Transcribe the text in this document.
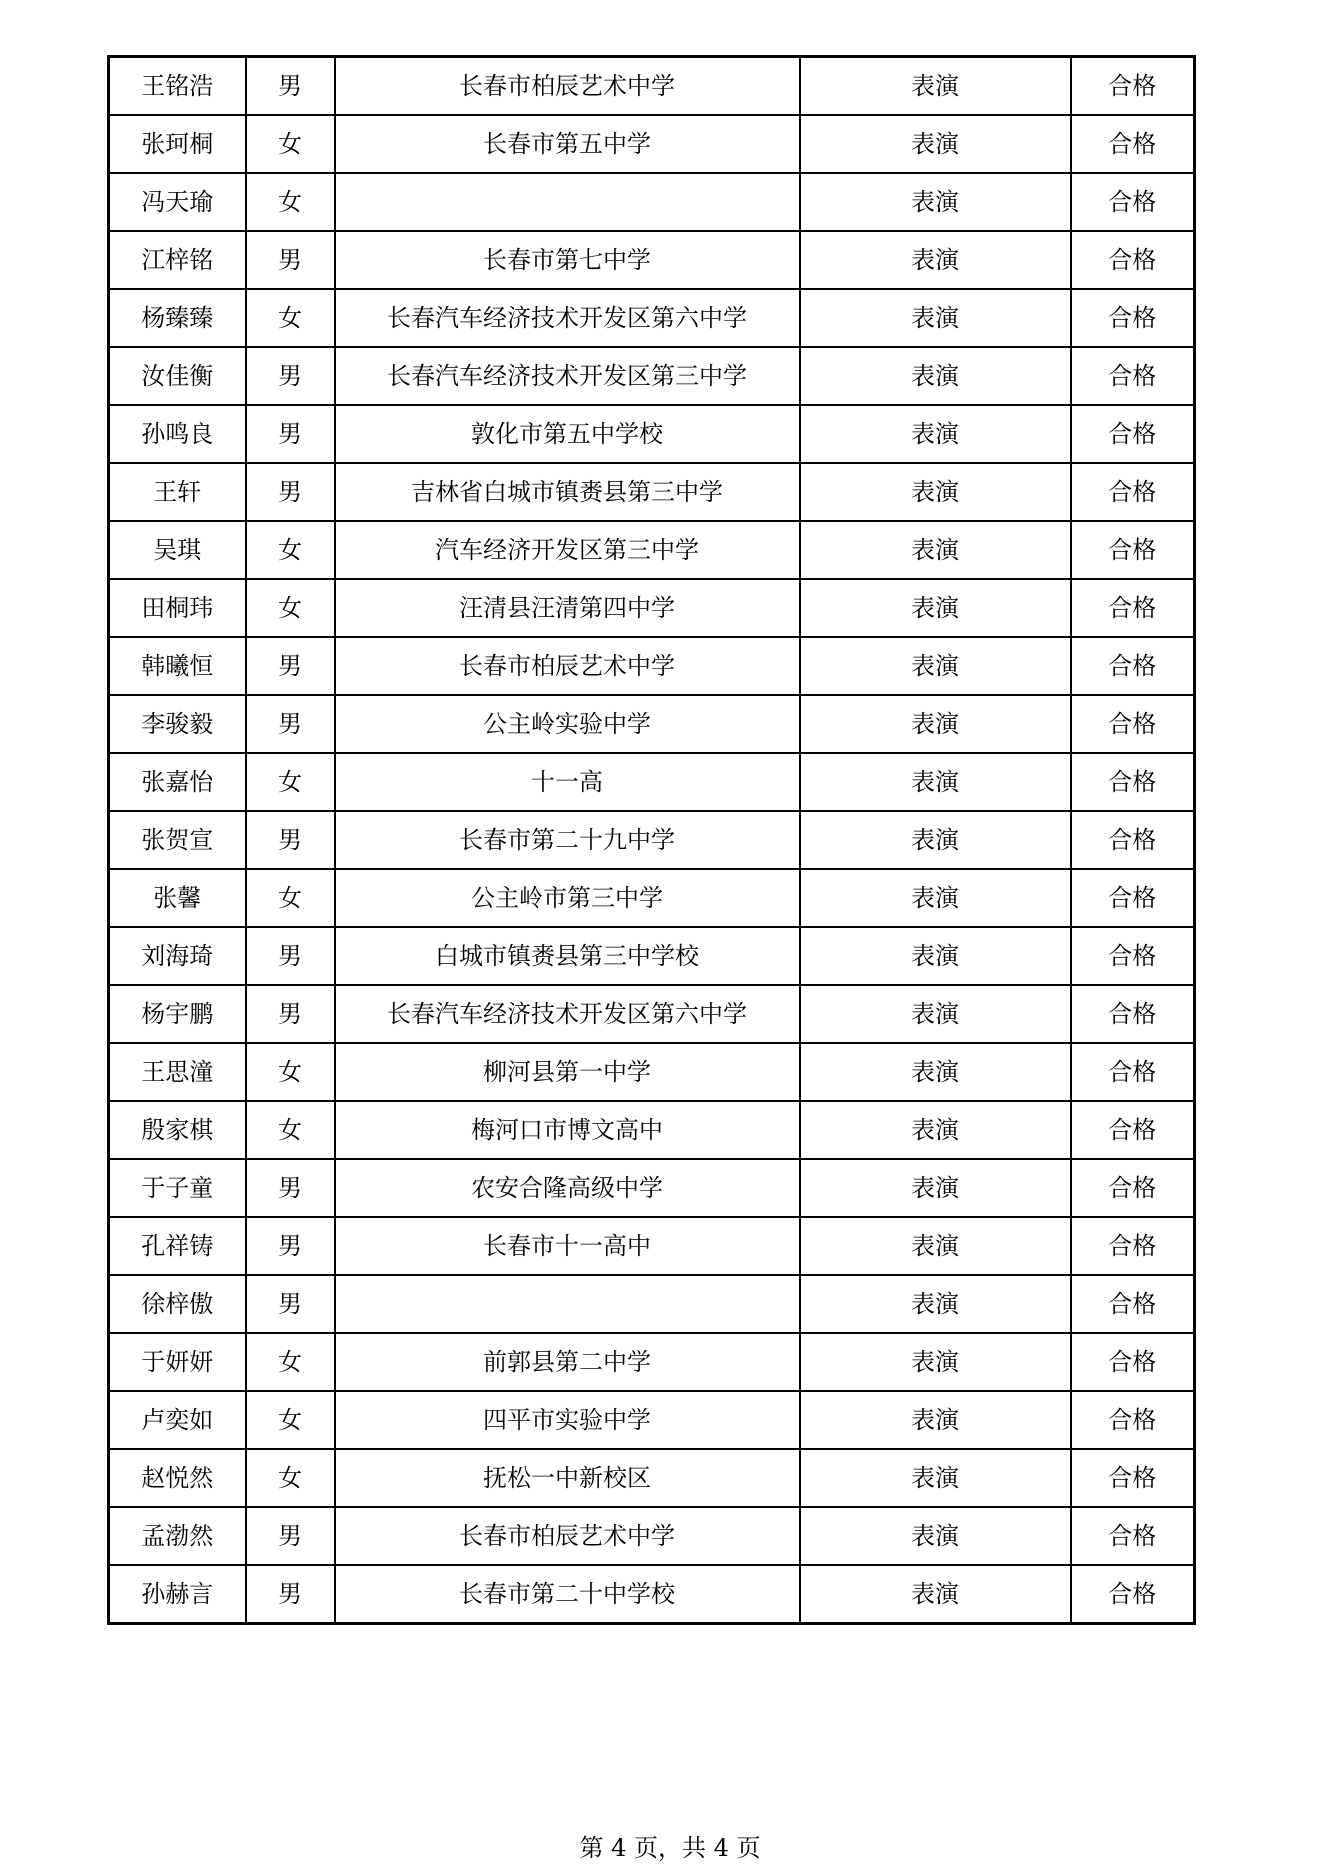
王铭浩	男	长春市柏辰艺术中学	表演	合格
张珂桐	女	长春市第五中学	表演	合格
冯天瑜	女		表演	合格
江梓铭	男	长春市第七中学	表演	合格
杨臻臻	女	长春汽车经济技术开发区第六中学	表演	合格
汝佳衡	男	长春汽车经济技术开发区第三中学	表演	合格
孙鸣良	男	敦化市第五中学校	表演	合格
王轩	男	吉林省白城市镇赉县第三中学	表演	合格
吴琪	女	汽车经济开发区第三中学	表演	合格
田桐玮	女	汪清县汪清第四中学	表演	合格
韩曦恒	男	长春市柏辰艺术中学	表演	合格
李骏毅	男	公主岭实验中学	表演	合格
张嘉怡	女	十一高	表演	合格
张贺宣	男	长春市第二十九中学	表演	合格
张馨	女	公主岭市第三中学	表演	合格
刘海琦	男	白城市镇赉县第三中学校	表演	合格
杨宇鹏	男	长春汽车经济技术开发区第六中学	表演	合格
王思潼	女	柳河县第一中学	表演	合格
殷家棋	女	梅河口市博文高中	表演	合格
于子童	男	农安合隆高级中学	表演	合格
孔祥铸	男	长春市十一高中	表演	合格
徐梓傲	男		表演	合格
于妍妍	女	前郭县第二中学	表演	合格
卢奕如	女	四平市实验中学	表演	合格
赵悦然	女	抚松一中新校区	表演	合格
孟渤然	男	长春市柏辰艺术中学	表演	合格
孙赫言	男	长春市第二十中学校	表演	合格
第 4 页，共 4 页
